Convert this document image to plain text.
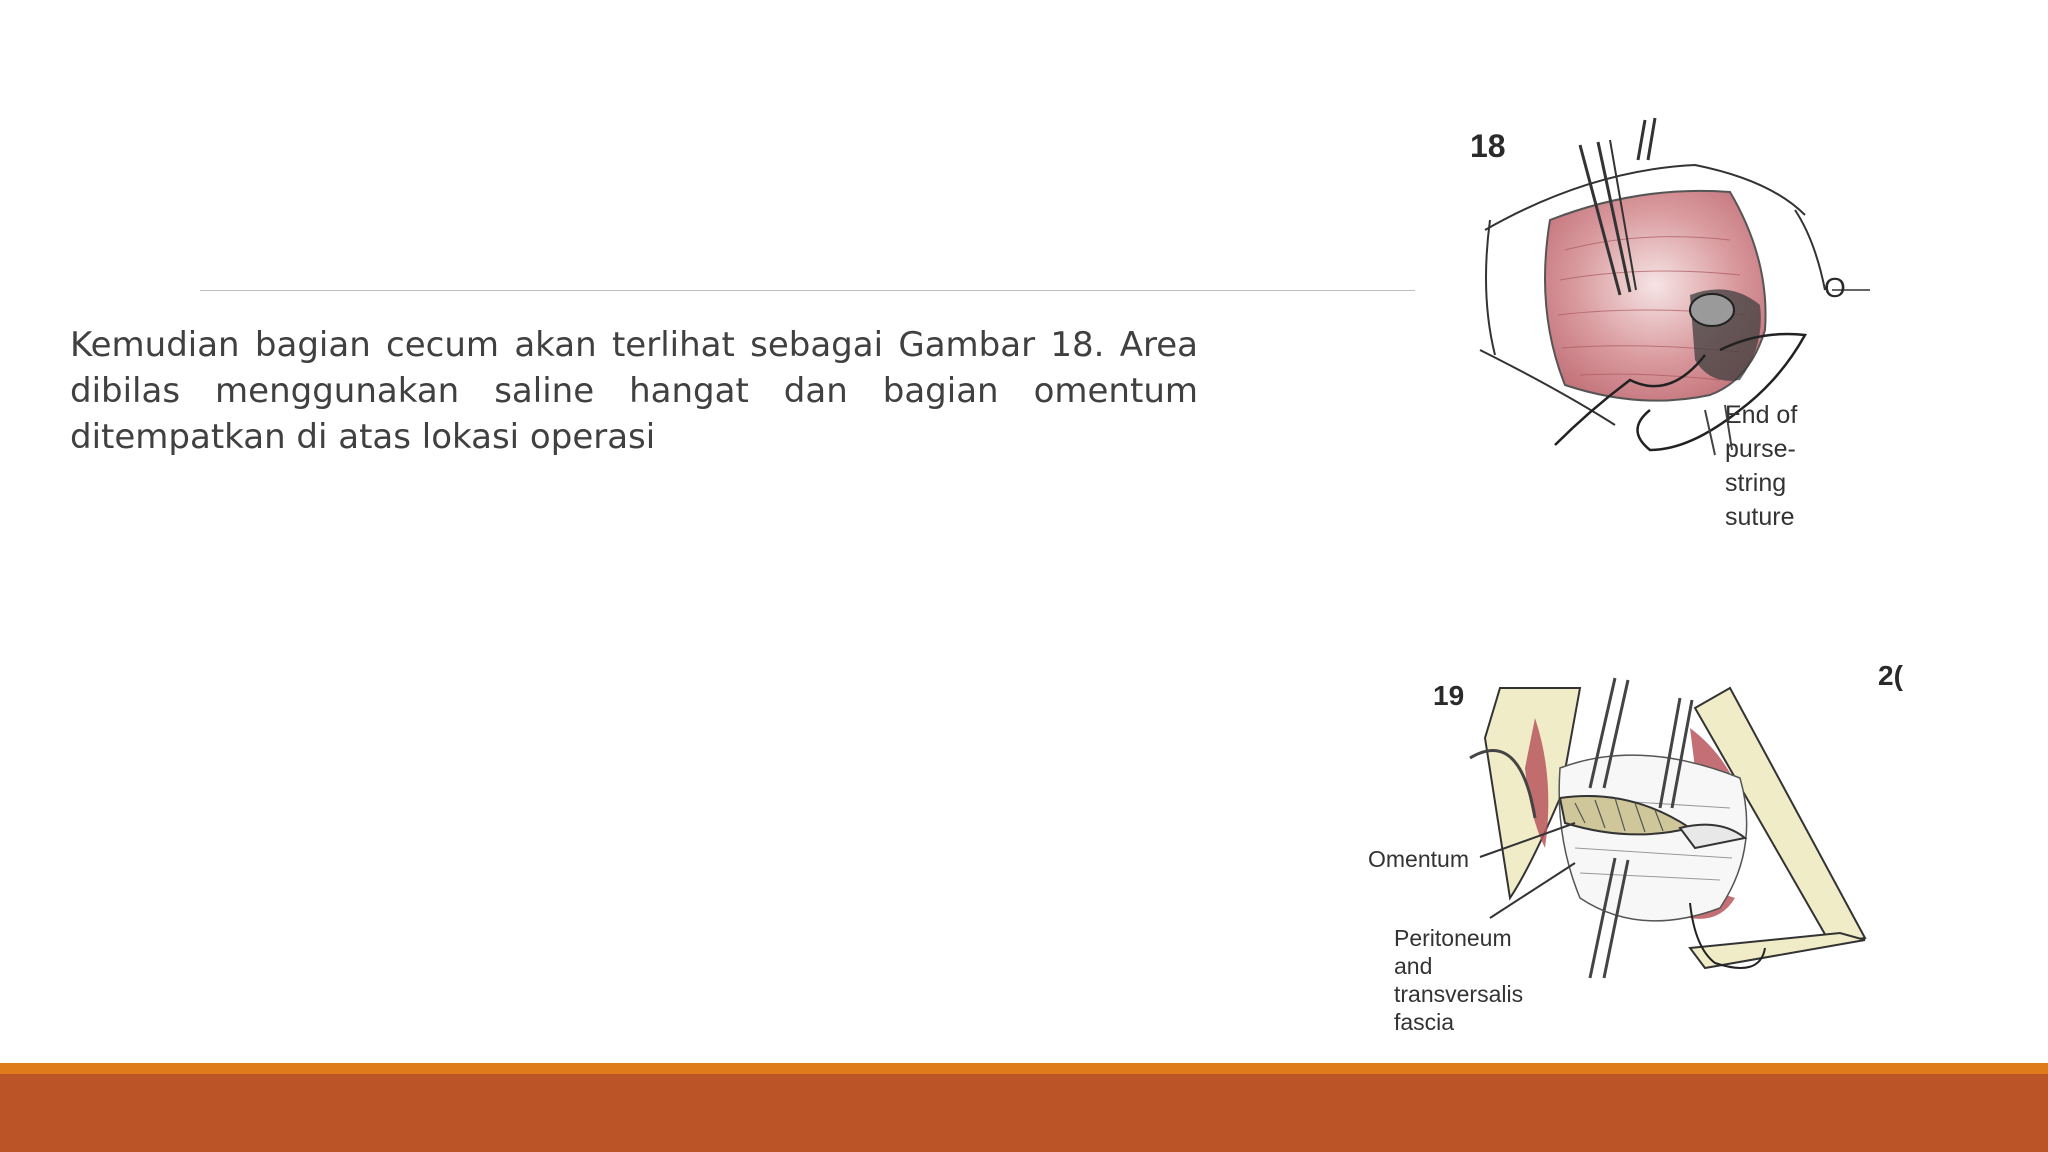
Kemudian bagian cecum akan terlihat sebagai Gambar 18. Area dibilas menggunakan saline hangat dan bagian omentum ditempatkan di atas lokasi operasi

18
O
End of
purse-
string
suture
19
2(
Omentum
Peritoneum
and
transversalis
fascia
